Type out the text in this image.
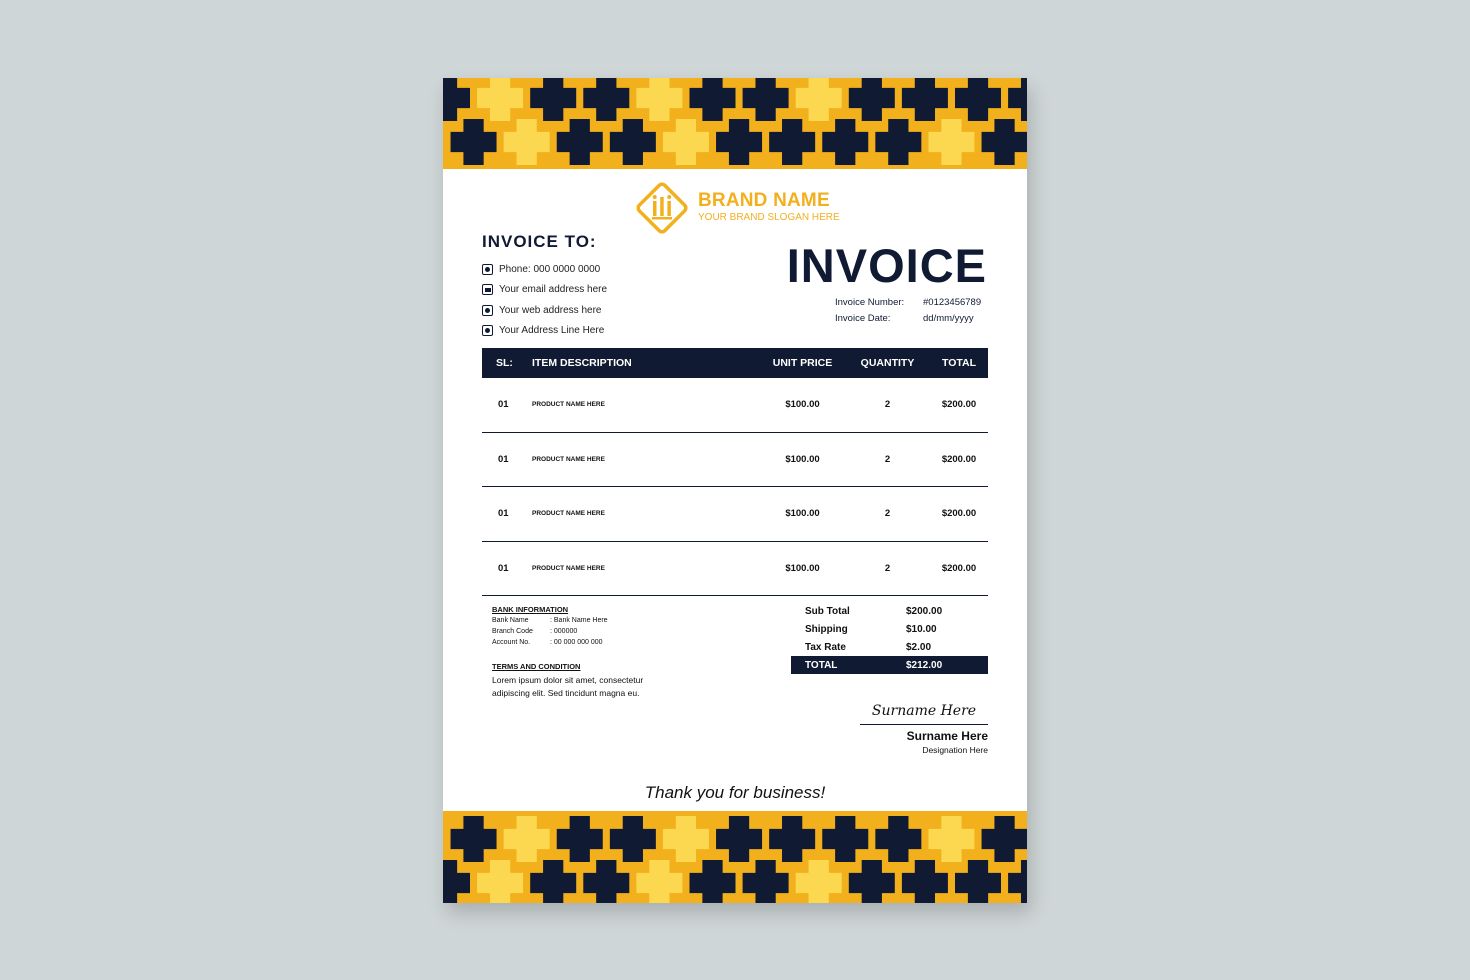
BRAND NAME
YOUR BRAND SLOGAN HERE
INVOICE TO:
Phone: 000 0000 0000
Your email address here
Your web address here
Your Address Line Here
INVOICE
Invoice Number:	#0123456789
Invoice Date:	dd/mm/yyyy
SL:	ITEM DESCRIPTION	UNIT PRICE	QUANTITY	TOTAL
01	PRODUCT NAME HERE	$100.00	2	$200.00
01	PRODUCT NAME HERE	$100.00	2	$200.00
01	PRODUCT NAME HERE	$100.00	2	$200.00
01	PRODUCT NAME HERE	$100.00	2	$200.00
BANK INFORMATION
Bank Name	: Bank Name Here
Branch Code	: 000000
Account No.	: 00 000 000 000
TERMS AND CONDITION
Lorem ipsum dolor sit amet, consectetur adipiscing elit. Sed tincidunt magna eu.
Sub Total	$200.00
Shipping	$10.00
Tax Rate	$2.00
TOTAL	$212.00
Surname Here
Surname Here
Designation Here
Thank you for business!
